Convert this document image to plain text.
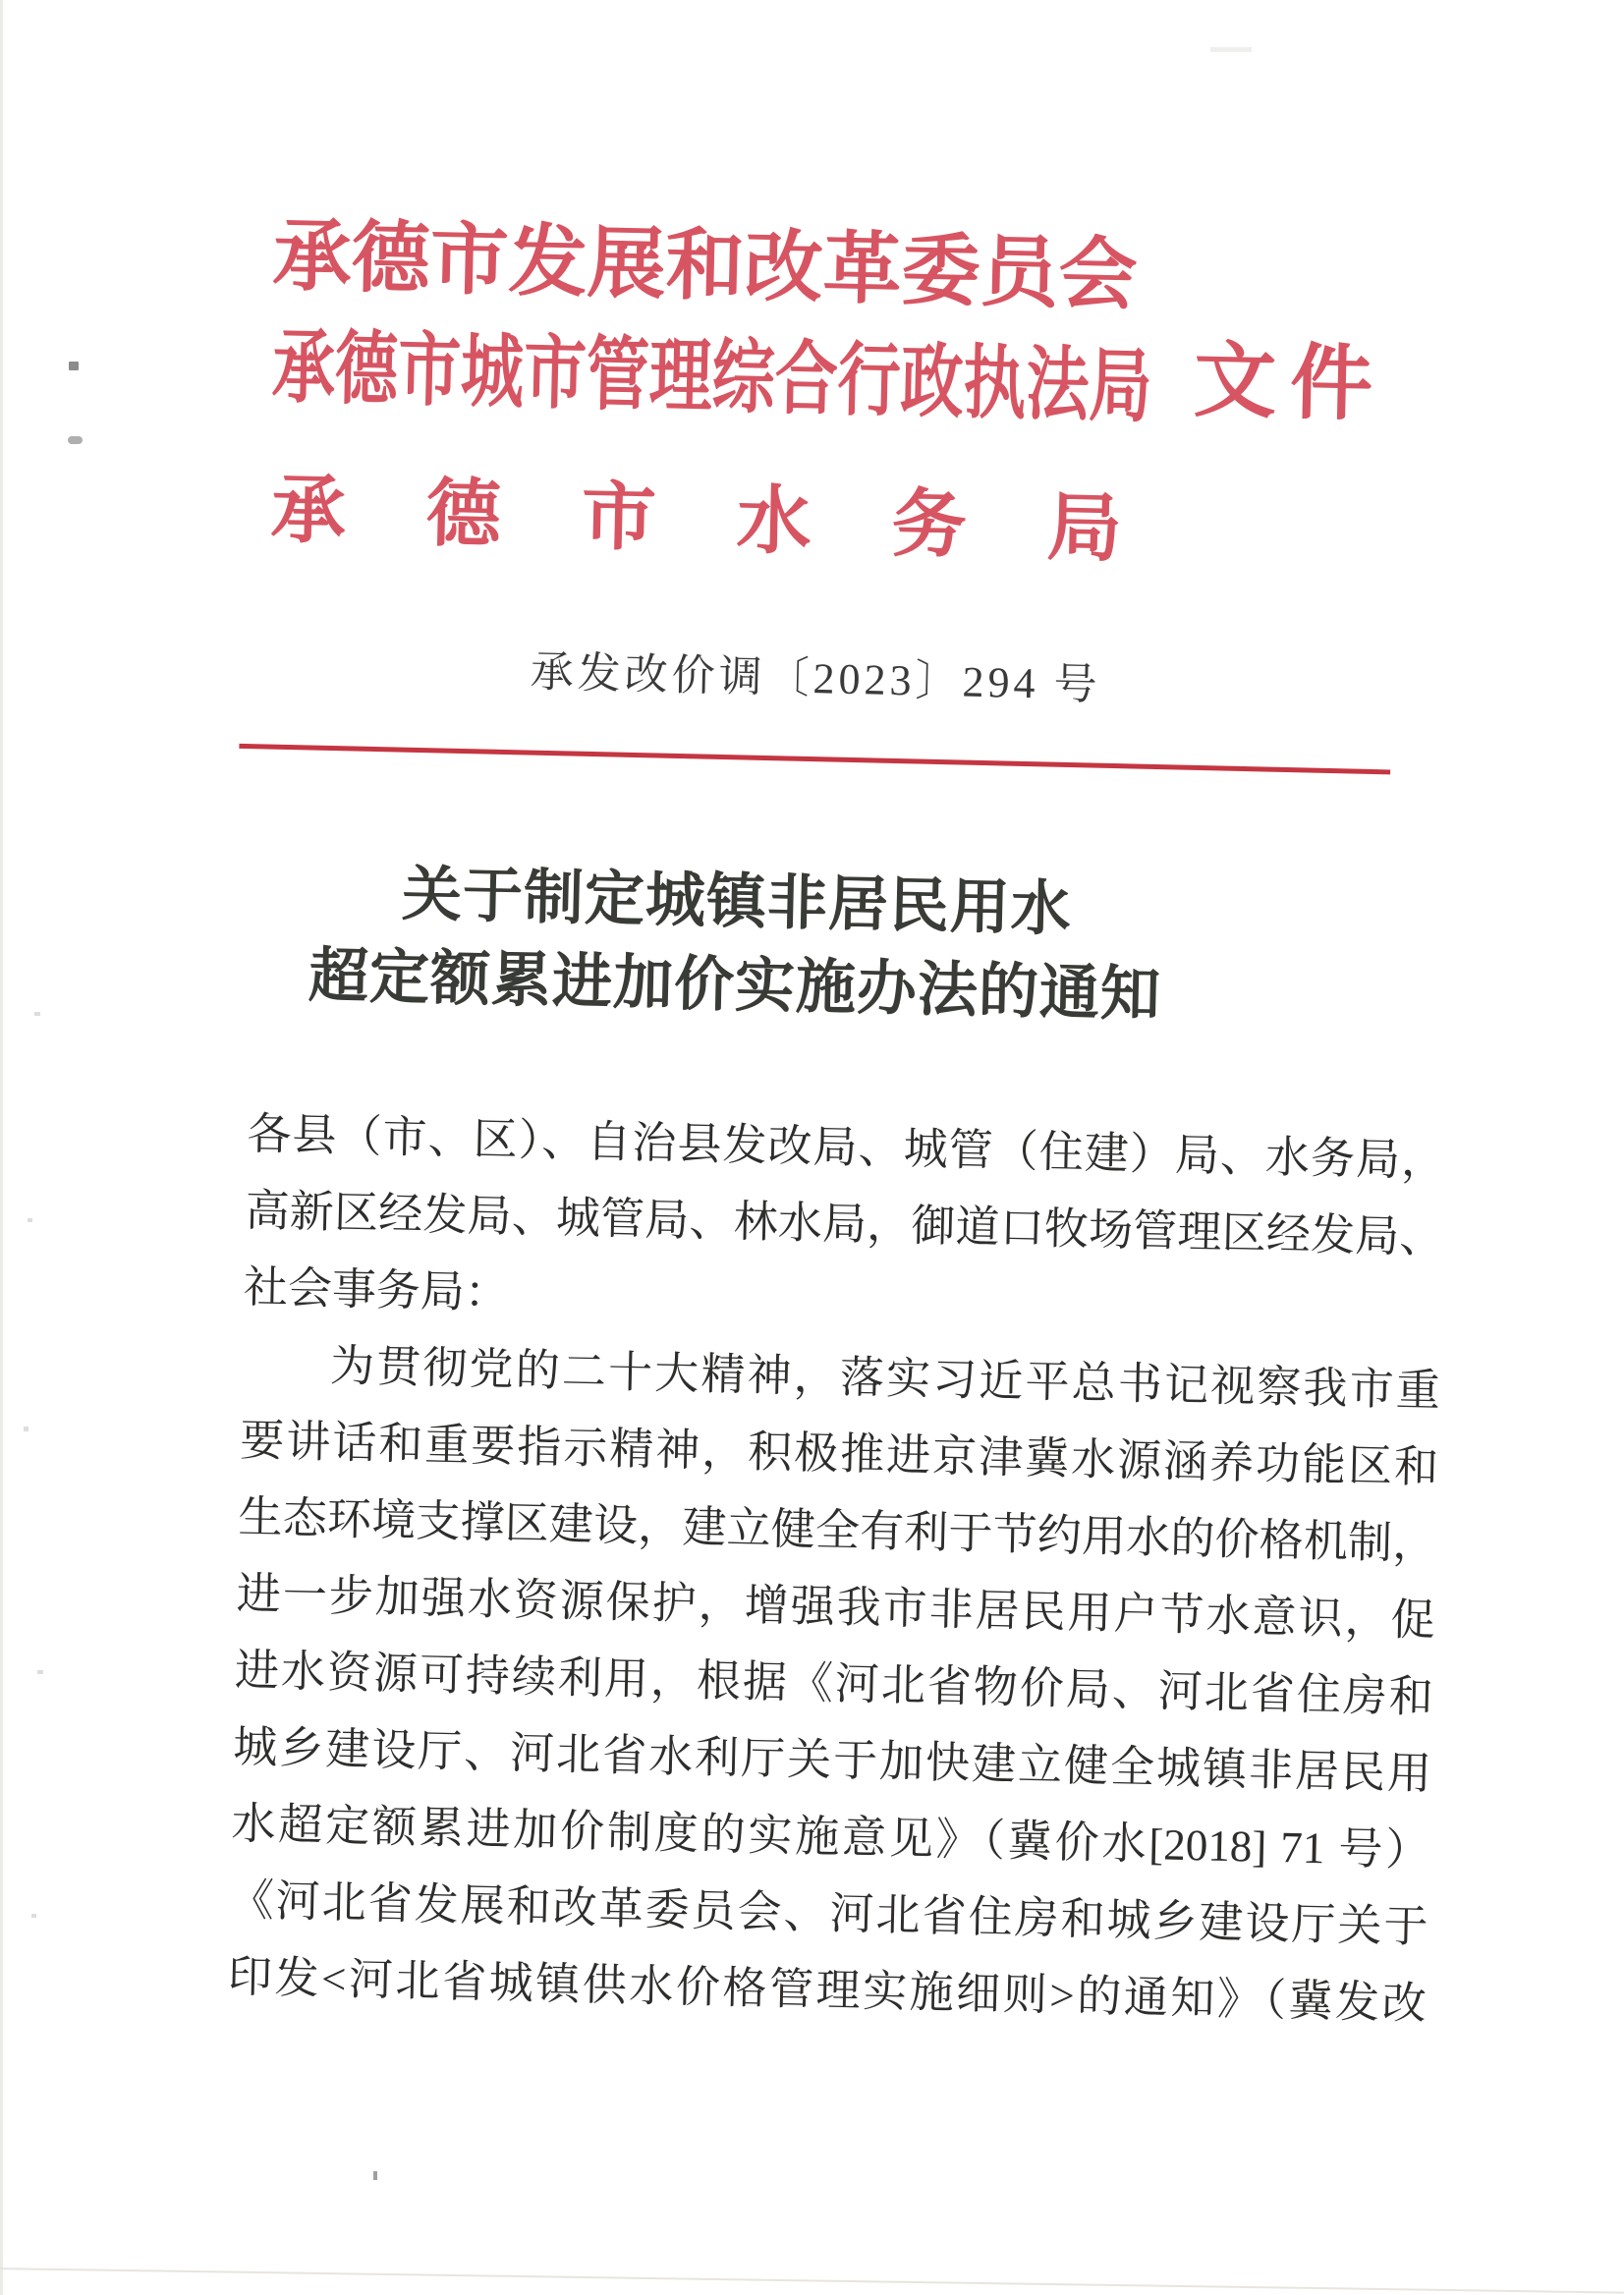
承德市发展和改革委员会
承德市城市管理综合行政执法局 文件
承 德 市 水 务 局
承发改价调〔2023〕294 号
关于制定城镇非居民用水
超定额累进加价实施办法的通知
各县（市、区）、自治县发改局、城管（住建）局、水务局，
高新区经发局、城管局、林水局，御道口牧场管理区经发局、
社会事务局：
为贯彻党的二十大精神，落实习近平总书记视察我市重
要讲话和重要指示精神，积极推进京津冀水源涵养功能区和
生态环境支撑区建设，建立健全有利于节约用水的价格机制，
进一步加强水资源保护，增强我市非居民用户节水意识，促
进水资源可持续利用，根据《河北省物价局、河北省住房和
城乡建设厅、河北省水利厅关于加快建立健全城镇非居民用
水超定额累进加价制度的实施意见》（冀价水[2018] 71 号）
《河北省发展和改革委员会、河北省住房和城乡建设厅关于
印发<河北省城镇供水价格管理实施细则>的通知》（冀发改
